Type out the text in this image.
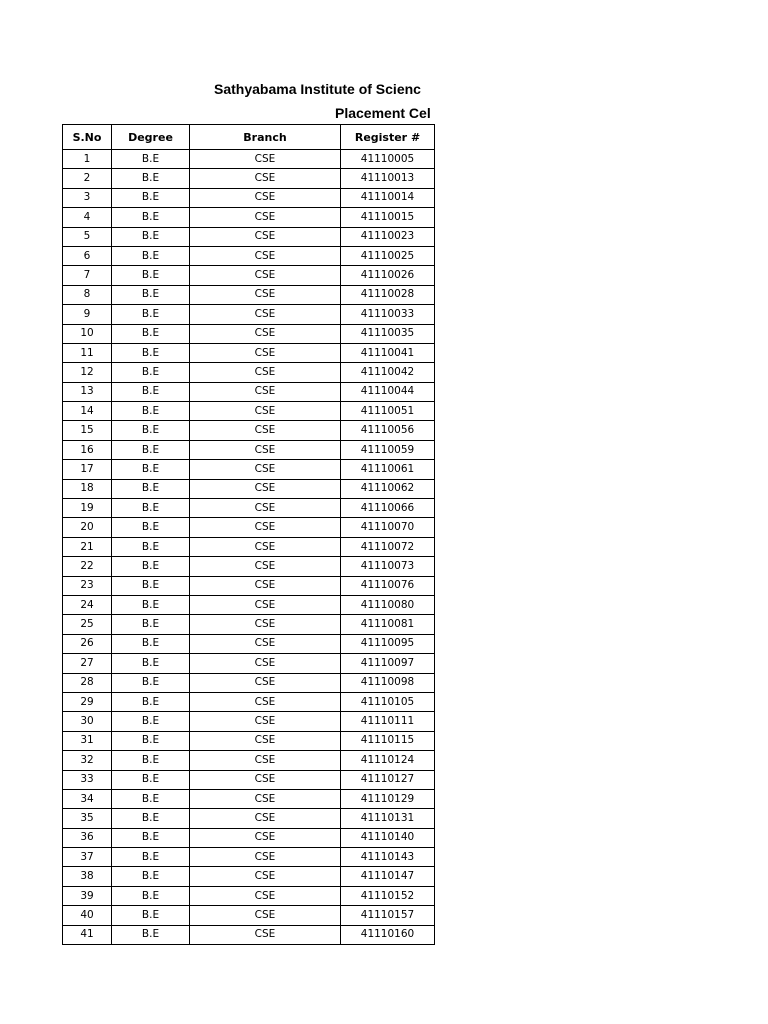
Sathyabama Institute of Scienc
Placement Cel
S.No	Degree	Branch	Register #
1	B.E	CSE	41110005
2	B.E	CSE	41110013
3	B.E	CSE	41110014
4	B.E	CSE	41110015
5	B.E	CSE	41110023
6	B.E	CSE	41110025
7	B.E	CSE	41110026
8	B.E	CSE	41110028
9	B.E	CSE	41110033
10	B.E	CSE	41110035
11	B.E	CSE	41110041
12	B.E	CSE	41110042
13	B.E	CSE	41110044
14	B.E	CSE	41110051
15	B.E	CSE	41110056
16	B.E	CSE	41110059
17	B.E	CSE	41110061
18	B.E	CSE	41110062
19	B.E	CSE	41110066
20	B.E	CSE	41110070
21	B.E	CSE	41110072
22	B.E	CSE	41110073
23	B.E	CSE	41110076
24	B.E	CSE	41110080
25	B.E	CSE	41110081
26	B.E	CSE	41110095
27	B.E	CSE	41110097
28	B.E	CSE	41110098
29	B.E	CSE	41110105
30	B.E	CSE	41110111
31	B.E	CSE	41110115
32	B.E	CSE	41110124
33	B.E	CSE	41110127
34	B.E	CSE	41110129
35	B.E	CSE	41110131
36	B.E	CSE	41110140
37	B.E	CSE	41110143
38	B.E	CSE	41110147
39	B.E	CSE	41110152
40	B.E	CSE	41110157
41	B.E	CSE	41110160
